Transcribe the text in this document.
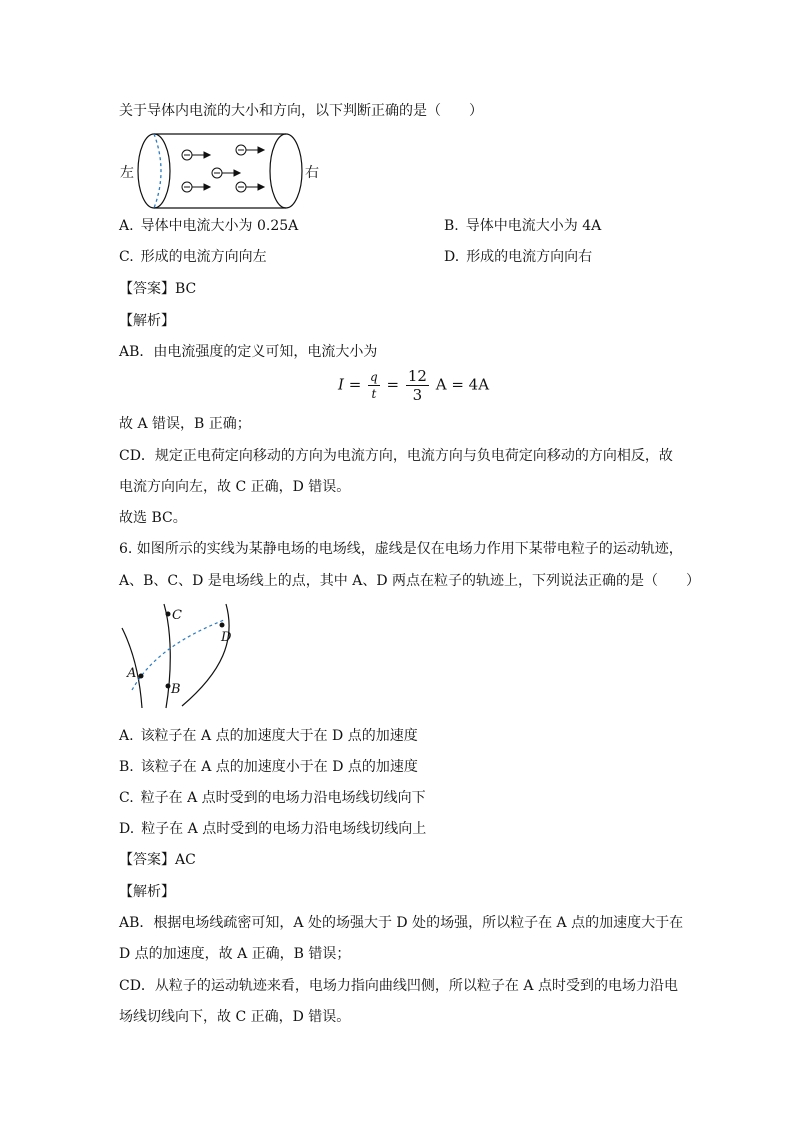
关于导体内电流的大小和方向，以下判断正确的是（　　）
左	右
A. 导体中电流大小为 0.25A	B. 导体中电流大小为 4A
C. 形成的电流方向向左	D. 形成的电流方向向右
【答案】BC
【解析】
AB．由电流强度的定义可知，电流大小为
$I = \frac{q}{t} = \frac{12}{3}$ A = 4A
故 A 错误，B 正确；
CD．规定正电荷定向移动的方向为电流方向，电流方向与负电荷定向移动的方向相反，故
电流方向向左，故 C 正确，D 错误。
故选 BC。
6. 如图所示的实线为某静电场的电场线，虚线是仅在电场力作用下某带电粒子的运动轨迹，
A、B、C、D 是电场线上的点，其中 A、D 两点在粒子的轨迹上，下列说法正确的是（　　）
A
B
C
D
A. 该粒子在 A 点的加速度大于在 D 点的加速度
B. 该粒子在 A 点的加速度小于在 D 点的加速度
C. 粒子在 A 点时受到的电场力沿电场线切线向下
D. 粒子在 A 点时受到的电场力沿电场线切线向上
【答案】AC
【解析】
AB．根据电场线疏密可知，A 处的场强大于 D 处的场强，所以粒子在 A 点的加速度大于在
D 点的加速度，故 A 正确，B 错误；
CD．从粒子的运动轨迹来看，电场力指向曲线凹侧，所以粒子在 A 点时受到的电场力沿电
场线切线向下，故 C 正确，D 错误。
